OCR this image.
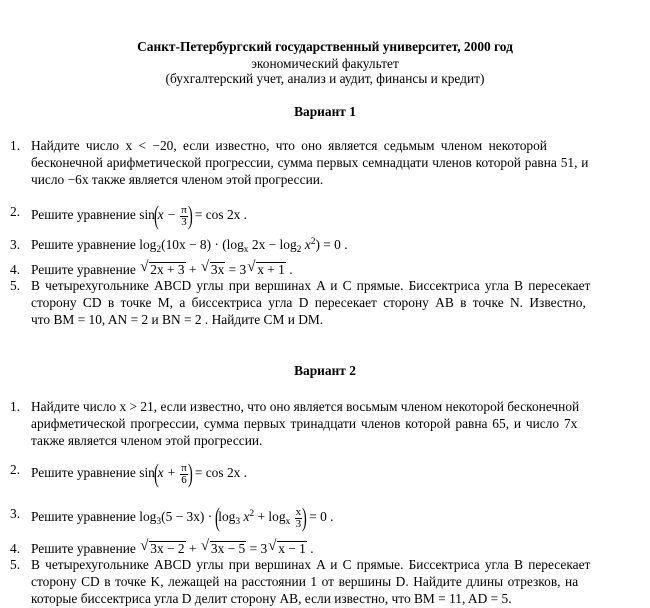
Санкт-Петербургский государственный университет, 2000 год
экономический факультет
(бухгалтерский учет, анализ и аудит, финансы и кредит)
Вариант 1
1. Найдите число x < −20, если известно, что оно является седьмым членом некоторой
бесконечной арифметической прогрессии, сумма первых семнадцати членов которой равна 51, и
число −6x также является членом этой прогрессии.
2. Решите уравнение $\sin(x - \frac{\pi}{3}$ ) = cos 2x .
3. Решите уравнение $\log_2(10x - 8) \cdot (\log_x$ $2x - \log_2 x^2) = 0$ .
4. Решите уравнение √ 2x + 3 + √ 3x = 3 √ x + 1 .
5. В четырехугольнике ABCD углы при вершинах A и C прямые. Биссектриса угла B пересекает
сторону CD в точке M, а биссектриса угла D пересекает сторону AB в точке N. Известно,
что BM = 10, AN = 2 и BN = 2 . Найдите CM и DM.
Вариант 2
1. Найдите число x > 21, если известно, что оно является восьмым членом некоторой бесконечной
арифметической прогрессии, сумма первых тринадцати членов которой равна 65, и число 7x
также является членом этой прогрессии.
2. Решите уравнение $\sin(x + \frac{\pi}{6}$ ) = cos 2x .
3. Решите уравнение $\log_3(5 - 3x) \cdot (\log_3$ $x^2 + \log_x \frac{x}{3}$ ) = 0 .
4. Решите уравнение √ 3x − 2 + √ 3x − 5 = 3 √ x − 1 .
5. В четырехугольнике ABCD углы при вершинах A и C прямые. Биссектриса угла B пересекает
сторону CD в точке K, лежащей на расстоянии 1 от вершины D. Найдите длины отрезков, на
которые биссектриса угла D делит сторону AB, если известно, что BM = 11, AD = 5.
